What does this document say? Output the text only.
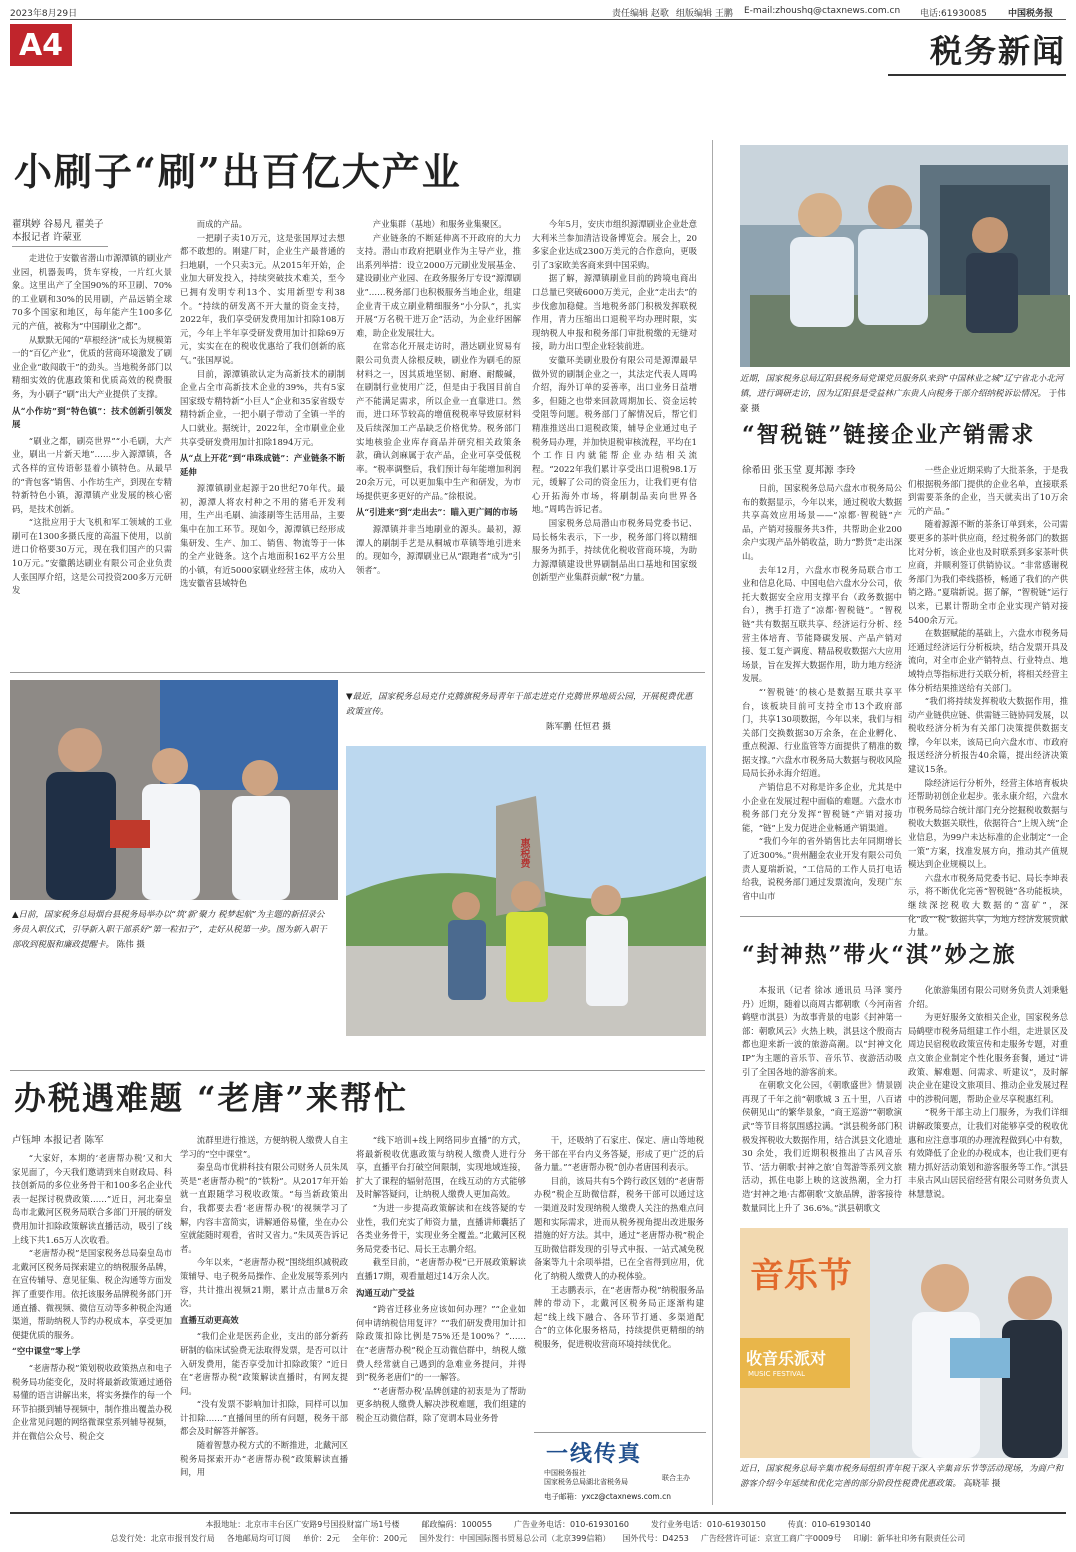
2023年8月29日	责任编辑 赵歌 组版编辑 王鹏 E-mail:zhoushq@ctaxnews.com.cn 电话:61930085 中国税务报
A4	税务新闻
小刷子“刷”出百亿大产业
翟琪婷 谷易凡 翟美子
本报记者 许蒙亚

走进位于安徽省潜山市源潭镇的刷业产业园，机器轰鸣，货车穿梭，一片红火景象。这里出产了全国90%的环卫刷、70%的工业刷和30%的民用刷，产品远销全球70多个国家和地区，每年能产生100多亿元的产值，被称为“中国刷业之都”。

从默默无闻的“草根经济”成长为规模第一的“百亿产业”，优质的营商环境激发了刷业企业“敢闯敢干”的劲头。当地税务部门以精细实效的优惠政策和优质高效的税费服务，为小刷子“刷”出大产业提供了支撑。

从“小作坊”到“特色镇”：技术创新引领发展

“刷业之都，刷亮世界”“小毛刷，大产业，刷出一片新天地”……步入源潭镇，各式各样的宣传语彰显着小镇特色。从最早的“背包客”销售、小作坊生产，到现在专精特新特色小镇，源潭镇产业发展的核心密码，是技术创新。

“这批应用于大飞机和军工领域的工业刷可在1300多摄氏度的高温下使用，以前进口价格要30万元，现在我们国产的只需10万元。”安徽鹅达刷业有限公司企业负责人张国厚介绍，这是公司投资200多万元研发

而成的产品。

一把刷子卖10万元，这是张国厚过去想都不敢想的。刚建厂时，企业生产最普通的扫地刷，一个只卖3元。从2015年开始，企业加大研发投入，持续突破技术难关，至今已拥有发明专利13个、实用新型专利38个。“持续的研发离不开大量的资金支持，2022年，我们享受研发费用加计扣除108万元，今年上半年享受研发费用加计扣除69万元，实实在在的税收优惠给了我们创新的底气。”张国厚说。

目前，源潭镇欲认定为高新技术的刷制企业占全市高新技术企业的39%，共有5家国家级专精特新“小巨人”企业和35家省级专精特新企业，一把小刷子带动了全镇一半的人口就业。据统计，2022年，全市刷业企业共享受研发费用加计扣除1894万元。

从“点上开花”到“串珠成链”：产业链条不断延伸

源潭镇刷业起源于20世纪70年代。最初，源潭人将农村种之不用的猪毛开发利用，生产出毛刷、油漆刷等生活用品，主要集中在加工环节。现如今，源潭镇已经形成集研发、生产、加工、销售、物流等于一体的全产业链条。这个占地面积162平方公里的小镇，有近5000家刷业经营主体，成功入选安徽省县域特色

产业集群（基地）和服务业集聚区。

产业链条的不断延伸离不开政府的大力支持。潜山市政府把刷业作为主导产业，推出系列举措：设立2000万元刷业发展基金、建设刷业产业园、在政务服务厅专设“源潭刷业”……税务部门也积极服务当地企业，组建企业青干成立刷业精细服务“小分队”，扎实开展“万名税干进万企”活动，为企业纾困解难，助企业发展壮大。

在常态化开展走访时，潜达刷业贸易有限公司负责人徐根反映，刷业作为刷毛的原材料之一，因其质地坚韧、耐磨、耐酸碱，在刷制行业使用广泛，但是由于我国目前自产不能满足需求，所以企业一直靠进口。然而，进口环节较高的增值税税率导致原材料及后续深加工产品缺乏价格优势。税务部门实地核验企业库存商品并研究相关政策条款，确认剑麻属于农产品，企业可享受低税率。“税率调整后，我们预计每年能增加利润20余万元，可以更加集中生产和研发，为市场提供更多更好的产品。”徐根说。

从“引进来”到“走出去”：瞄入更广阔的市场

源潭镇并非当地刷业的源头。最初，源潭人的刷制手艺是从桐城市草镇等地引进来的。现如今，源潭刷业已从“跟跑者”成为“引领者”。

今年5月，安庆市组织源潭刷业企业赴意大利米兰参加清洁设备博览会。展会上，20多家企业达成2300万美元的合作意向，更吸引了3家欧美客商来到中国采购。

据了解，源潭镇刷业目前的跨境电商出口总量已突破6000万美元，企业“走出去”的步伐愈加稳健。当地税务部门积极发挥联税作用，青力压缩出口退税平均办理时限，实现纳税人申报和税务部门审批税缴的无缝对接，助力出口型企业轻装前进。

安徽环美刷业股份有限公司是源潭最早做外贸的刷制企业之一，其法定代表人周鸣介绍，海外订单的妥善率，出口业务日益增多，但随之也带来回款周期加长、资金运转受阻等问题。税务部门了解情况后，帮它们精准推送出口退税政策，辅导企业通过电子税务局办理，并加快退税审核流程，平均在1个工作日内就能帮企业办结相关流程。“2022年我们累计享受出口退税98.1万元，缓解了公司的资金压力，让我们更有信心开拓海外市场，将刷制品卖向世界各地。”周鸣告诉记者。

国家税务总局潜山市税务局党委书记、局长杨朱表示，下一步，税务部门将以精细服务为抓手，持续优化税收营商环境，为助力源潭镇建设世界刷制品出口基地和国家级创新型产业集群贡献“税”力量。

近期，国家税务总局辽阳县税务局党课党员服务队来到“中国林业之城”辽宁省北小北河镇，进行调研走访，因为辽阳县是受益林广东贵人向税务干部介绍纳税诉讼情况。 于伟豪 摄
“智税链”链接企业产销需求
徐希田 张玉堂 夏邦源 李玲

日前，国家税务总局六盘水市税务局公布的数据显示，今年以来，通过税收大数据共享高效应用场景——“凉都·智税链”产品，产销对接服务共3件，共帮助企业200余户实现产品外销收益，助力“黔货”走出深山。

去年12月，六盘水市税务局联合市工业和信息化局、中国电信六盘水分公司，依托大数据安全应用支撑平台（政务数据中台），携手打造了“凉都·智税链”。“智税链”共有数据互联共享、经济运行分析、经营主体培育、节能降碳发展、产品产销对接、复工复产调度、精品税收数据六大应用场景，旨在发挥大数据作用，助力地方经济发展。

“‘智税链’的核心是数据互联共享平台，该板块目前可支持全市13个政府部门，共享130项数据，今年以来，我们与相关部门交换数据30万余条，在企业孵化、重点税源、行业监管等方面提供了精准的数据支撑。”六盘水市税务局大数据与税收风险局局长孙永海介绍道。

产销信息不对称是许多企业，尤其是中小企业在发展过程中面临的难题。六盘水市税务部门充分发挥“智税链”产销对接功能，“链”上发力促进企业畅通产销渠道。

“我们今年的省外销售比去年同期增长了近300%。”贵州翻金农业开发有限公司负责人夏瑞新说，“工信局的工作人员打电话给我，说税务部门通过发票流向，发现广东省中山市

一些企业近期采购了大批茶条，于是我们根据税务部门提供的企业名单，直接联系到需要茶条的企业，当天就卖出了10万余元的产品。”

随着源源不断的茶条订单到来，公司需要更多的茶叶供应商，经过税务部门的数据比对分析，该企业也及时联系到多家茶叶供应商，并顺利签订供销协议。“非常感谢税务部门为我们牵线搭桥，畅通了我们的产供销之路。”夏瑞新说。据了解，“智税链”运行以来，已累计帮助全市企业实现产销对接5400余万元。

在数据赋能的基础上，六盘水市税务局还通过经济运行分析板块，结合发票开具及流向，对全市企业产销特点、行业特点、地域特点等指标进行关联分析，将相关经营主体分析结果推送给有关部门。

“我们将持续发挥税收大数据作用，推动产业链供应链、供需链三链协同发展，以税收经济分析为有关部门决策提供数据支撑，今年以来，该局已向六盘水市、市政府报送经济分析报告40余篇，提出经济决策建议15条。

除经济运行分析外，经营主体培育板块还帮助初创企业起步。张永康介绍，六盘水市税务局综合统计部门充分挖掘税收数据与税收大数据关联性，依据符合“上规入统”企业信息，为99户未达标准的企业制定“一企一策”方案，找准发展方向，推动其产值规模达到企业规模以上。

六盘水市税务局党委书记、局长李坤表示，将不断优化完善“智税链”各功能板块，继续深挖税收大数据的“富矿”，深化“政”“税”数据共享，为地方经济发展贡献力量。

“封神热”带火“淇”妙之旅

本报讯（记者 徐冰 通讯员 马泽 窦丹丹）近期，随着以商周古都朝歌（今河南省鹤壁市淇县）为故事背景的电影《封神第一部：朝歌风云》火热上映，淇县这个殷商古都也迎来新一波的旅游高潮。以“封神文化 IP”为主题的音乐节、音乐节、夜游活动吸引了全国各地的游客前来。

在朝歌文化公园，《朝歌盛世》情景剧再现了千年之前“朝歌城 3 五十里，八百诸侯朝见山”的繁华景象，“商王巡游”“朝歌演武”等节目将氛围感拉满。“淇县税务部门积极发挥税收大数据作用，结合淇县文化遗址 30 余处，我们近期积极推出了古风音乐节、‘活力朝歌·封神之旅’自驾游等系列文旅活动，抓住电影上映的这波热潮，全力打造‘封神之地·古都朝歌’文旅品牌，游客接待数量同比上升了 36.6%。”淇县朝歌文

化旅游集团有限公司财务负责人刘秉魁介绍。

为更好服务文旅相关企业，国家税务总局鹤壁市税务局组建工作小组，走进景区及周边民宿税收政策宣传和走服务专题，对重点文旅企业制定个性化服务套餐，通过“讲政策、解难题、问需求、听建议”，及时解决企业在建设文旅项目、推动企业发展过程中的涉税问题，帮助企业尽享税惠红利。

“税务干部主动上门服务，为我们详细讲解政策要点，让我们对能够享受的税收优惠和应注意事项的办理流程做到心中有数，有效降低了企业的办税成本，也让我们更有精力抓好活动策划和游客服务等工作。”淇县丰泉古风山居民宿经营有限公司财务负责人林慧慧说。

音乐节
收音乐派对
MUSIC FESTIVAL
近日，国家税务总局辛集市税务局组织青年税干深入辛集音乐节等活动现场，为商户和游客介绍今年延续和优化完善的部分阶段性税费优惠政策。 高晓菲 摄
▲日前，国家税务总局烟台县税务局举办以“筑‘新’聚力 税梦起航”为主题的新招录公务员入职仪式，引导新入职干部系好“第一粒扣子”，走好从税第一步。图为新入职干部收到税服和廉政提醒卡。 陈伟 摄
▼最近，国家税务总局克什克腾旗税务局青年干部走进克什克腾世界地质公园，开展税费优惠政策宣传。
陈军鹏 任恒君 摄
惠税费
办税遇难题 “老唐”来帮忙
卢钰坤 本报记者 陈军

“大家好，本期的‘老唐帮办税’又和大家见面了，今天我们邀请到来自财政局、科技创新局的多位业务骨干和100多名企业代表一起探讨税费政策……”近日，河北秦皇岛市北戴河区税务局联合多部门开展的研发费用加计扣除政策解读直播活动，吸引了线上线下共1.65万人次收看。

“老唐帮办税”是国家税务总局秦皇岛市北戴河区税务局探索建立的纳税服务品牌，在宣传辅导、意见征集、税企沟通等方面发挥了重要作用。依托该服务品牌税务部门开通直播、微视频、微信互动等多种税企沟通渠道，帮助纳税人节约办税成本，享受更加便捷优质的服务。

“空中课堂”零上学

“老唐帮办税”策划税收政策热点和电子税务局功能变化，及时将最新政策通过通俗易懂的语言讲解出来，将实务操作的每一个环节拍摄到辅导视频中，制作推出覆盖办税企业常见问题的网络微课堂系列辅导视频，并在微信公众号、税企交

流群里进行推送，方便纳税人缴费人自主学习的“空中课堂”。

秦皇岛市优耕科技有限公司财务人员朱凤英是“老唐帮办税”的“铁粉”。从2017年开始就一直跟随学习税收政策。“每当新政策出台，我都要去看‘老唐帮办税’的视频学习了解，内容丰富简实，讲解通俗易懂，坐在办公室就能随时观看，省时又省力。”朱凤英告诉记者。

今年以来，“老唐帮办税”围绕组织减税政策辅导、电子税务局操作、企业发展等系列内容，共计推出视频21期，累计点击量8万余次。

直播互动更高效

“我们企业是医药企业，支出的部分新药研制的临床试验费无法取得发票，是否可以计入研发费用，能否享受加计扣除政策？”近日在“老唐帮办税”政策解读直播时，有网友提问。

“没有发票不影响加计扣除，同样可以加计扣除……”直播间里的所有问题，税务干部都会及时解答并解答。

随着智慧办税方式的不断推进，北戴河区税务局探索开办“老唐帮办税”政策解读直播间，用

“线下培训+线上网络同步直播”的方式，将最新税收优惠政策与纳税人缴费人进行分享，直播平台打破空间限制，实现地域连接，扩大了课程的辐射范围，在线互动的方式能够及时解答疑问，让纳税人缴费人更加高效。

“为进一步提高政策解读和在线答疑的专业性，我们充实了师资力量，直播讲师囊括了各类业务骨干，实现业务全覆盖。”北戴河区税务局党委书记、局长王志鹏介绍。

截至目前，“老唐帮办税”已开展政策解读直播17期，观看量超过14万余人次。

沟通互动广受益

“跨省迁移业务应该如何办理？”“企业如何申请纳税信用复评？”“我们研发费用加计扣除政策扣除比例是75%还是100%？”……在“老唐帮办税”税企互动微信群中，纳税人缴费人经常就自己遇到的急难业务提问，并得到“税务老唐们”的一一解答。

“‘老唐帮办税’品牌创建的初衷是为了帮助更多纳税人缴费人解决涉税难题，我们组建的税企互动微信群，除了宽谓本局业务骨

干，还吸纳了石家庄、保定、唐山等地税务干部在平台内义务答疑，形成了更广泛的后备力量。”“老唐帮办税”创办者唐国利表示。

目前，该局共有5个跨行政区划的“老唐帮办税”税企互助微信群，税务干部可以通过这一渠道及时发现纳税人缴费人关注的热难点问题和实际需求，进而从税务视角提出改进服务措施的好方法。其中，通过“老唐帮办税”税企互助微信群发现的引导式申报、一站式减免税备案等九十余项举措，已在全省得到应用，优化了纳税人缴费人的办税体验。

王志鹏表示，在“老唐帮办税”纳税服务品牌的带动下，北戴河区税务局正逐渐构建起“线上线下融合、各环节打通、多渠道配合”的立体化服务格局，持续提供更精细的纳税服务，促进税收营商环境持续优化。

一线传真
中国税务报社
国家税务总局湖北省税务局	联合主办
电子邮箱：yxcz@ctaxnews.com.cn
本报地址：北京市丰台区广安路9号国投财富广场1号楼	邮政编码：100055	广告业务电话：010-61930160	发行业务电话：010-61930150	传真：010-61930140
总发行处：北京市报刊发行局 各地邮局均可订阅 单价：2元 全年价：200元 国外发行：中国国际图书贸易总公司（北京399信箱） 国外代号：D4253 广告经营许可证：京宣工商广字0009号 印刷：新华社印务有限责任公司
